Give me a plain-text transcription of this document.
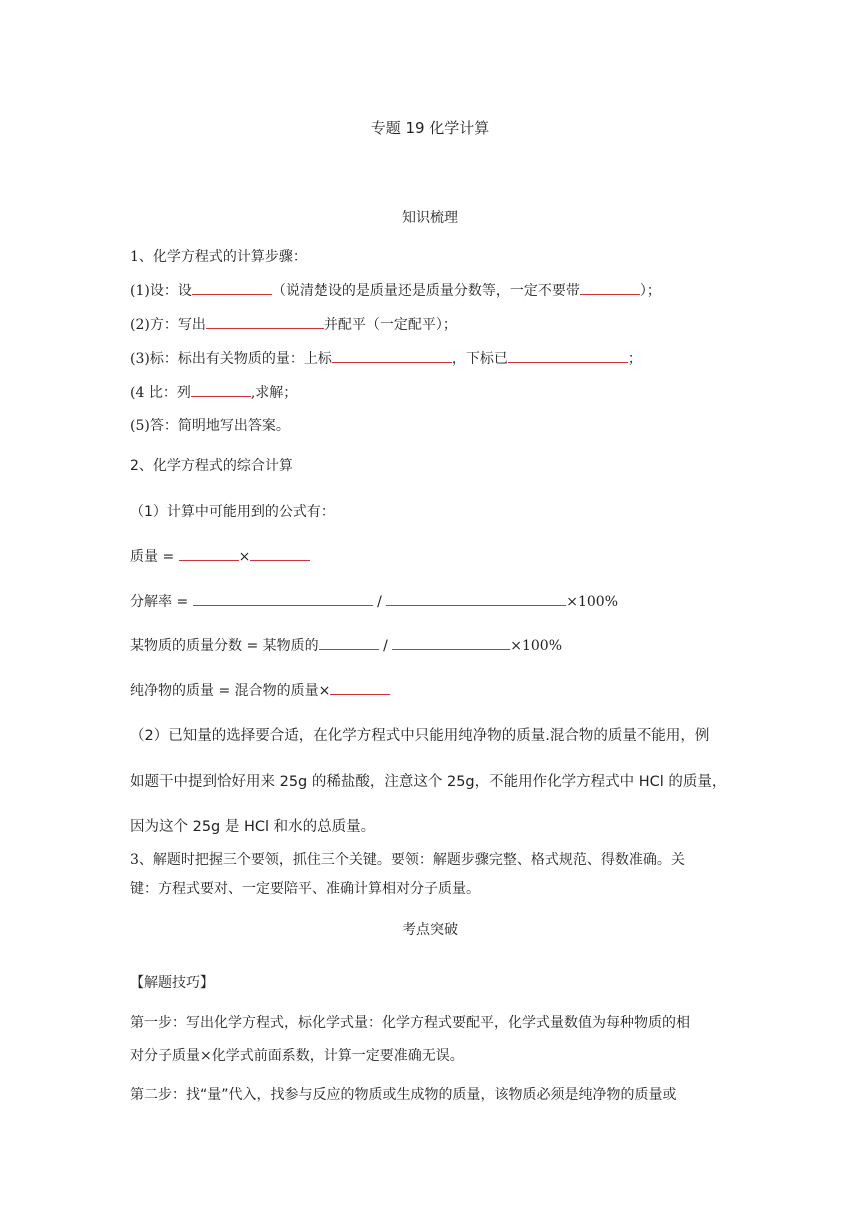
专题 19 化学计算
知识梳理
1、化学方程式的计算步骤：
(1)设：设	（说清楚设的是质量还是质量分数等，一定不要带	）；
(2)方：写出	并配平（一定配平）；
(3)标：标出有关物质的量：上标	，下标已	；
(4 比：列	,求解；
(5)答：简明地写出答案。
2、化学方程式的综合计算
（1）计算中可能用到的公式有：
质量 =	×
分解率 =	/	×100%
某物质的质量分数 = 某物质的	/	×100%
纯净物的质量 = 混合物的质量×
（2）已知量的选择要合适，在化学方程式中只能用纯净物的质量.混合物的质量不能用，例
如题干中提到恰好用来 25g 的稀盐酸，注意这个 25g，不能用作化学方程式中 HCl 的质量，
因为这个 25g 是 HCl 和水的总质量。
3、解题时把握三个要领，抓住三个关键。要领：解题步骤完整、格式规范、得数准确。关
键：方程式要对、一定要陪平、准确计算相对分子质量。
考点突破
【解题技巧】
第一步：写出化学方程式，标化学式量：化学方程式要配平，化学式量数值为每种物质的相
对分子质量×化学式前面系数，计算一定要准确无误。
第二步：找“量”代入，找参与反应的物质或生成物的质量，该物质必须是纯净物的质量或
